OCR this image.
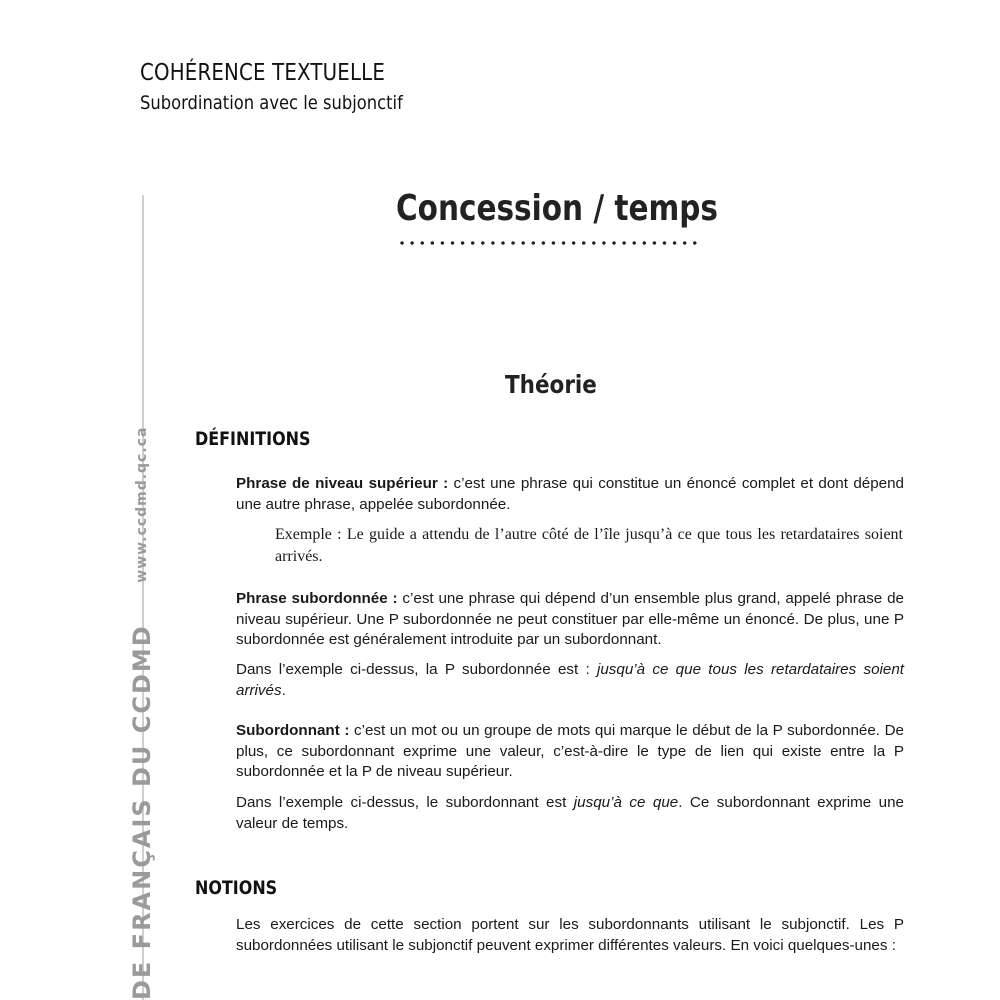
COHÉRENCE TEXTUELLE
Subordination avec le subjonctif
DE FRANÇAIS DU CCDMD www.ccdmd.qc.ca
Concession / temps
Théorie
DÉFINITIONS
Phrase de niveau supérieur : c’est une phrase qui constitue un énoncé complet et dont dépend une autre phrase, appelée subordonnée.
Exemple : Le guide a attendu de l’autre côté de l’île jusqu’à ce que tous les retardataires soient arrivés.
Phrase subordonnée : c’est une phrase qui dépend d’un ensemble plus grand, appelé phrase de niveau supérieur. Une P subordonnée ne peut constituer par elle-même un énoncé. De plus, une P subordonnée est généralement introduite par un subordonnant.
Dans l’exemple ci-dessus, la P subordonnée est : jusqu’à ce que tous les retardataires soient arrivés.
Subordonnant : c’est un mot ou un groupe de mots qui marque le début de la P subordonnée. De plus, ce subordonnant exprime une valeur, c’est-à-dire le type de lien qui existe entre la P subordonnée et la P de niveau supérieur.
Dans l’exemple ci-dessus, le subordonnant est jusqu’à ce que. Ce subordonnant exprime une valeur de temps.
NOTIONS
Les exercices de cette section portent sur les subordonnants utilisant le subjonctif. Les P subordonnées utilisant le subjonctif peuvent exprimer différentes valeurs. En voici quelques-unes :
